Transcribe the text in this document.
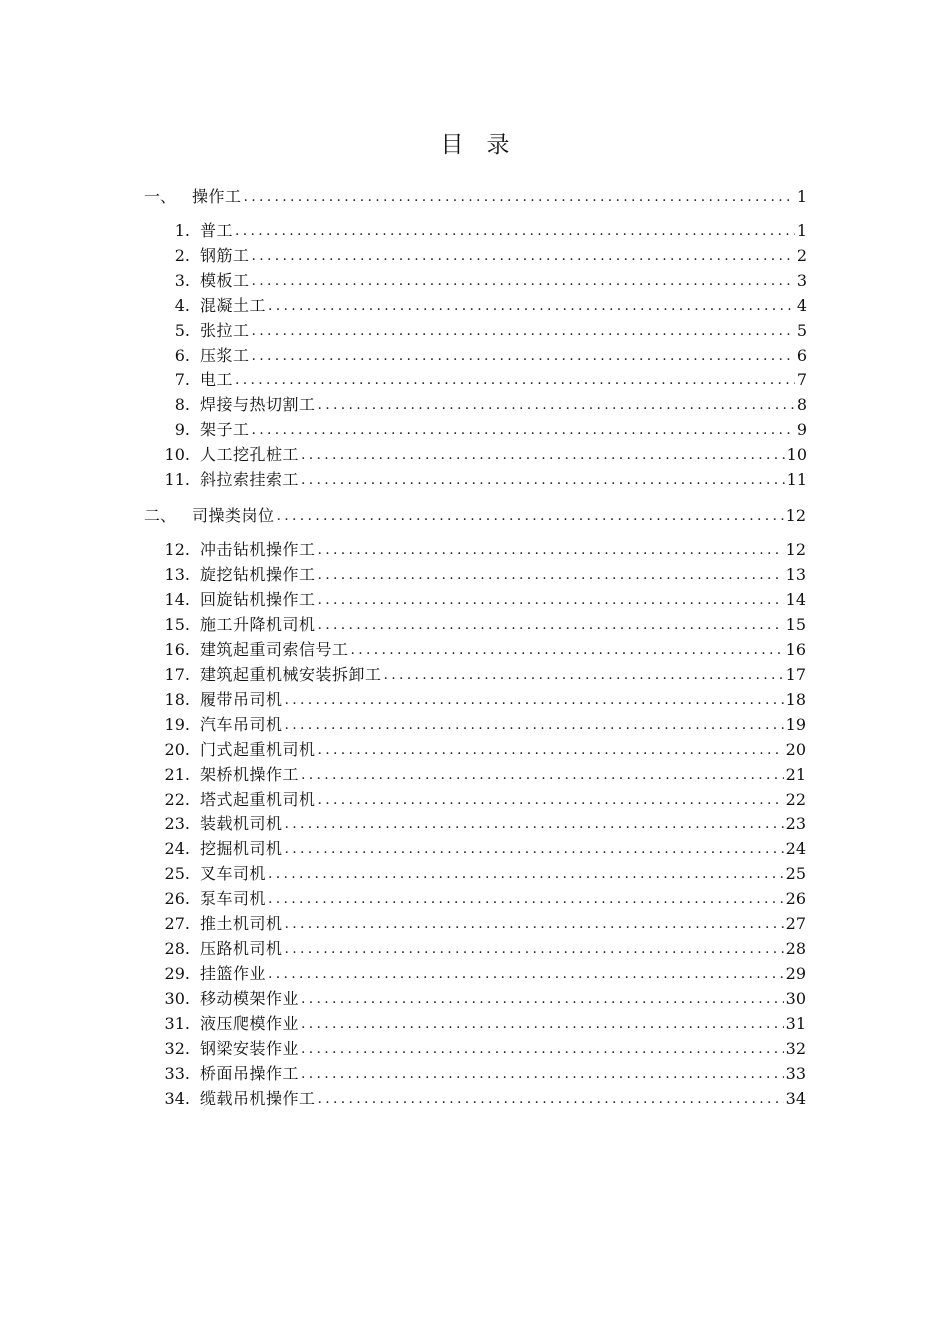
目　录
一、 操作工 .....	1
1. 普工 .....	1
2. 钢筋工 .....	2
3. 模板工 .....	3
4. 混凝土工 .....	4
5. 张拉工 .....	5
6. 压浆工 .....	6
7. 电工 .....	7
8. 焊接与热切割工 .....	8
9. 架子工 .....	9
10. 人工挖孔桩工 .....	10
11. 斜拉索挂索工 .....	11
二、 司操类岗位 .....	12
12. 冲击钻机操作工 .....	12
13. 旋挖钻机操作工 .....	13
14. 回旋钻机操作工 .....	14
15. 施工升降机司机 .....	15
16. 建筑起重司索信号工 .....	16
17. 建筑起重机械安装拆卸工 .....	17
18. 履带吊司机 .....	18
19. 汽车吊司机 .....	19
20. 门式起重机司机 .....	20
21. 架桥机操作工 .....	21
22. 塔式起重机司机 .....	22
23. 装载机司机 .....	23
24. 挖掘机司机 .....	24
25. 叉车司机 .....	25
26. 泵车司机 .....	26
27. 推土机司机 .....	27
28. 压路机司机 .....	28
29. 挂篮作业 .....	29
30. 移动模架作业 .....	30
31. 液压爬模作业 .....	31
32. 钢梁安装作业 .....	32
33. 桥面吊操作工 .....	33
34. 缆载吊机操作工 .....	34
